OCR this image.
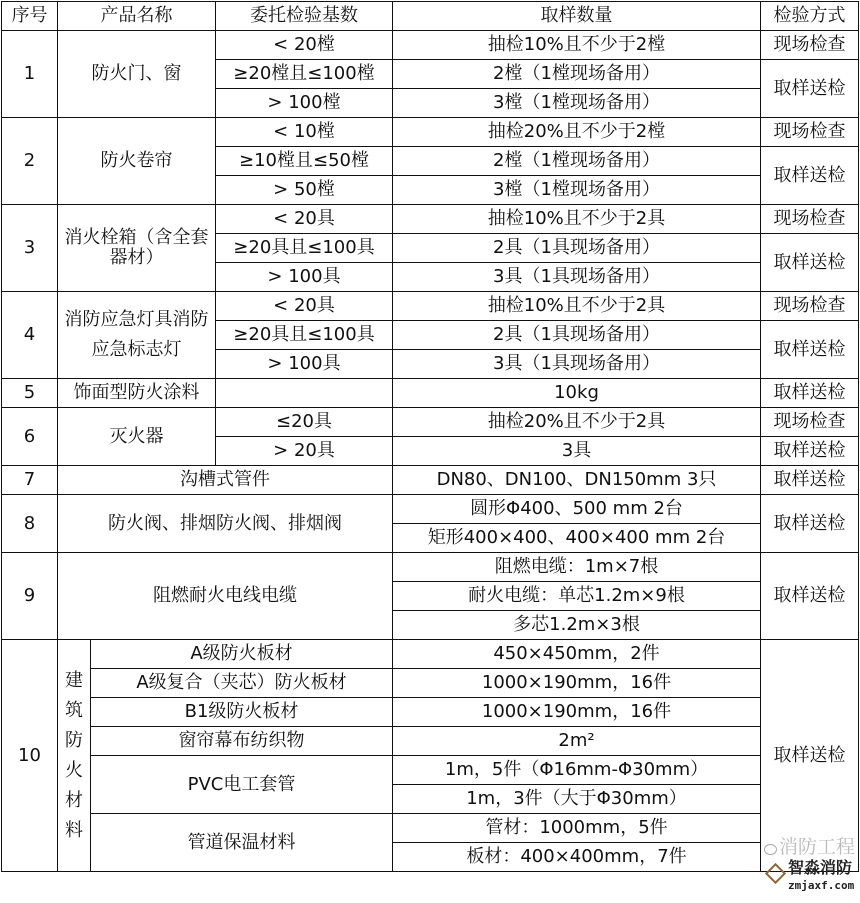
序号	产品名称		委托检验基数	取样数量	检验方式
1	防火门、窗		< 20樘	抽检10%且不少于2樘	现场检查
			≥20樘且≤100樘	2樘（1樘现场备用）	取样送检
			> 100樘	3樘（1樘现场备用）	
2	防火卷帘		< 10樘	抽检20%且不少于2樘	现场检查
			≥10樘且≤50樘	2樘（1樘现场备用）	取样送检
			> 50樘	3樘（1樘现场备用）	
3	消火栓箱（含全套器材）		< 20具	抽检10%且不少于2具	现场检查
			≥20具且≤100具	2具（1具现场备用）	取样送检
			> 100具	3具（1具现场备用）	
4	消防应急灯具消防应急标志灯		< 20具	抽检10%且不少于2具	现场检查
			≥20具且≤100具	2具（1具现场备用）	取样送检
			> 100具	3具（1具现场备用）	
5	饰面型防火涂料			10kg	取样送检
6	灭火器		≤20具	抽检20%且不少于2具	现场检查
			> 20具	3具	取样送检
7	沟槽式管件			DN80、DN100、DN150mm 3只	取样送检
8	防火阀、排烟防火阀、排烟阀			圆形Φ400、500 mm 2台	取样送检
				矩形400×400、400×400 mm 2台	
9	阻燃耐火电线电缆			阻燃电缆：1m×7根	取样送检
				耐火电缆：单芯1.2m×9根	
				多芯1.2m×3根	
10	建筑防火材料	A级防火板材		450×450mm，2件	取样送检
		A级复合（夹芯）防火板材		1000×190mm，16件	
		B1级防火板材		1000×190mm，16件	
		窗帘幕布纺织物		2m²	
		PVC电工套管		1m，5件（Φ16mm-Φ30mm）	
				1m，3件（大于Φ30mm）	
		管道保温材料		管材：1000mm，5件	
				板材：400×400mm，7件		消防工程
智淼消防
zmjaxf.com
